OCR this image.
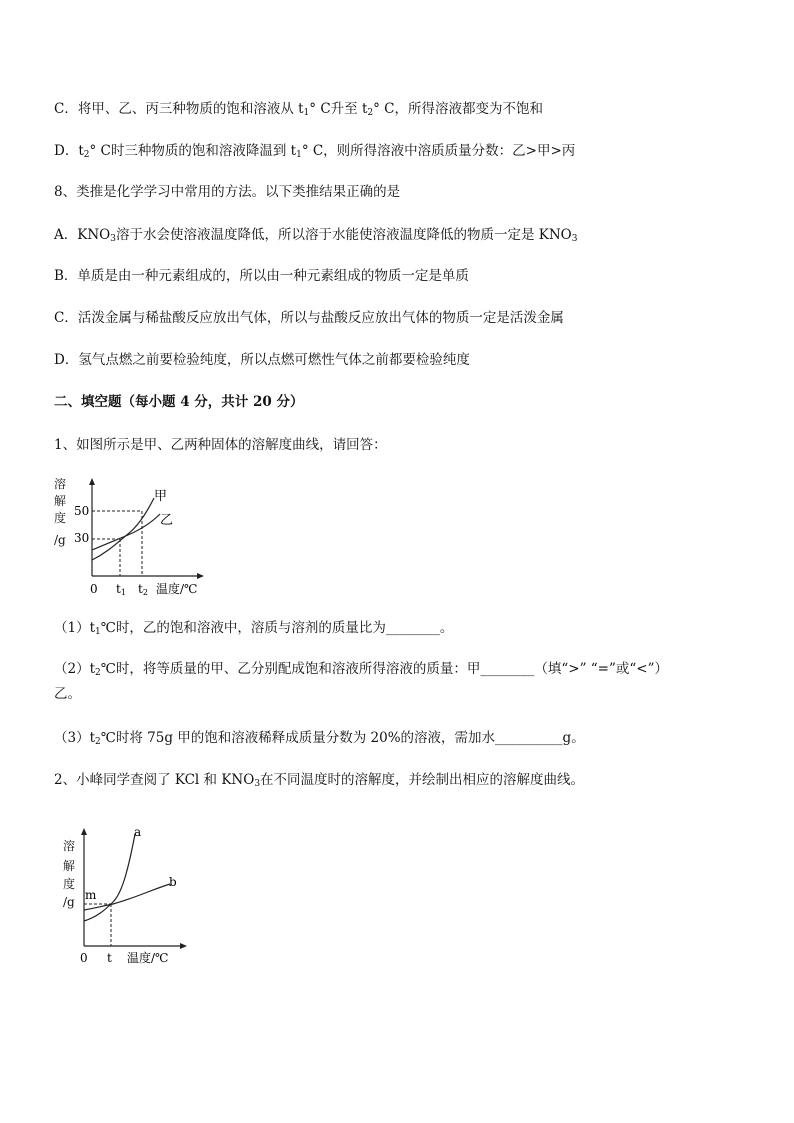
C．将甲、乙、丙三种物质的饱和溶液从 $t_1^\circ$ C升至 $t_2^\circ$ C，所得溶液都变为不饱和
D．$t_2^\circ$ C时三种物质的饱和溶液降温到 $t_1^\circ$ C，则所得溶液中溶质质量分数：乙>甲>丙
8、类推是化学学习中常用的方法。以下类推结果正确的是
A．$KNO_3$溶于水会使溶液温度降低，所以溶于水能使溶液温度降低的物质一定是 $KNO_3$
B．单质是由一种元素组成的，所以由一种元素组成的物质一定是单质
C．活泼金属与稀盐酸反应放出气体，所以与盐酸反应放出气体的物质一定是活泼金属
D．氢气点燃之前要检验纯度，所以点燃可燃性气体之前都要检验纯度
二、填空题（每小题 4 分，共计 20 分）
1、如图所示是甲、乙两种固体的溶解度曲线，请回答：
溶
解
度
/g
50
30
甲
乙
0 t1 t2 温度/℃
$(1)t_1℃$时，乙的饱和溶液中，溶质与溶剂的质量比为________。
$(2)t_2℃$时，将等质量的甲、乙分别配成饱和溶液所得溶液的质量：甲________（填“>” “=”或“<”）
乙。
$(3)t_2℃$时将 75g 甲的饱和溶液稀释成质量分数为 20%的溶液，需加水__________g。
2、小峰同学查阅了 KCl 和 $KNO_3$在不同温度时的溶解度，并绘制出相应的溶解度曲线。
溶
解
度
/g m
a
b
0 t 温度/℃
